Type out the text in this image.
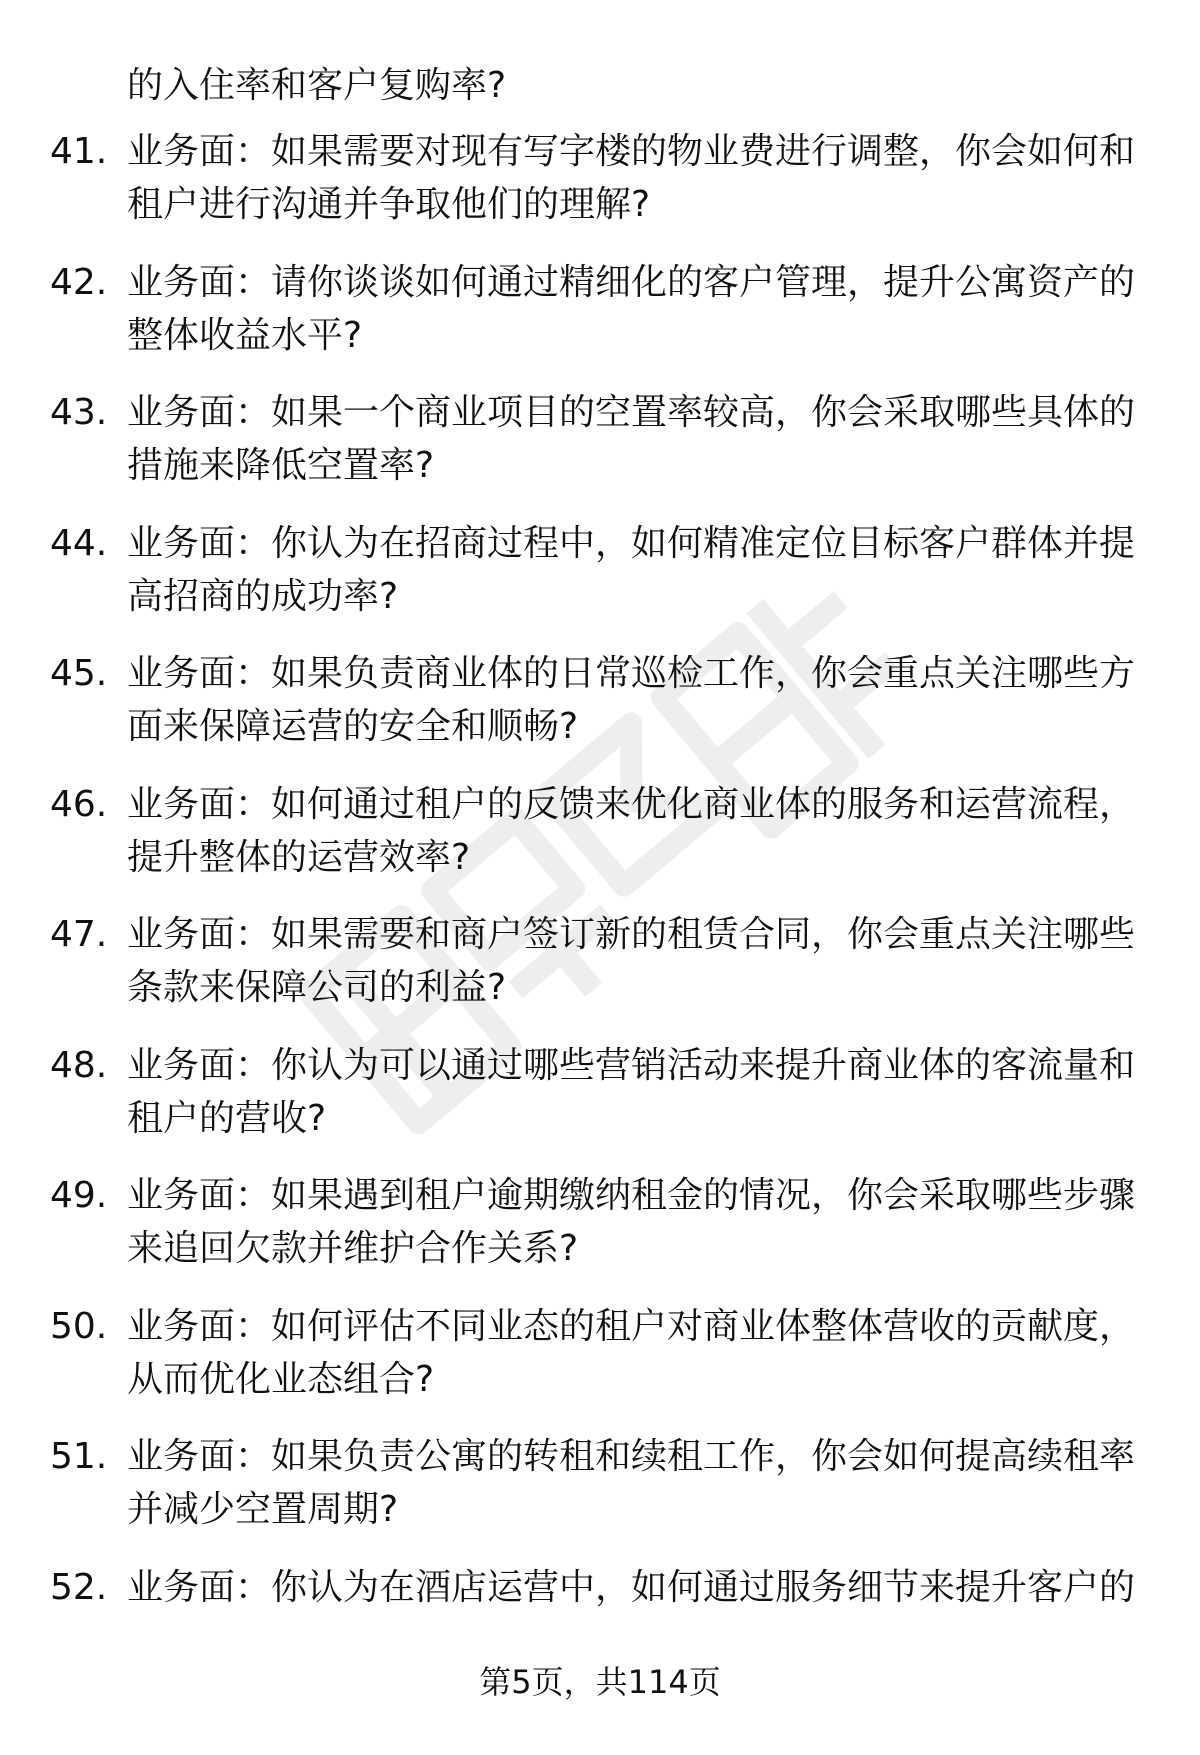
的入住率和客户复购率?
41. 业务面：如果需要对现有写字楼的物业费进行调整，你会如何和
租户进行沟通并争取他们的理解?
42. 业务面：请你谈谈如何通过精细化的客户管理，提升公寓资产的
整体收益水平?
43. 业务面：如果一个商业项目的空置率较高，你会采取哪些具体的
措施来降低空置率?
44. 业务面：你认为在招商过程中，如何精准定位目标客户群体并提
高招商的成功率?
45. 业务面：如果负责商业体的日常巡检工作，你会重点关注哪些方
面来保障运营的安全和顺畅?
46. 业务面：如何通过租户的反馈来优化商业体的服务和运营流程，
提升整体的运营效率?
47. 业务面：如果需要和商户签订新的租赁合同，你会重点关注哪些
条款来保障公司的利益?
48. 业务面：你认为可以通过哪些营销活动来提升商业体的客流量和
租户的营收?
49. 业务面：如果遇到租户逾期缴纳租金的情况，你会采取哪些步骤
来追回欠款并维护合作关系?
50. 业务面：如何评估不同业态的租户对商业体整体营收的贡献度，
从而优化业态组合?
51. 业务面：如果负责公寓的转租和续租工作，你会如何提高续租率
并减少空置周期?
52. 业务面：你认为在酒店运营中，如何通过服务细节来提升客户的
第5页，共114页
